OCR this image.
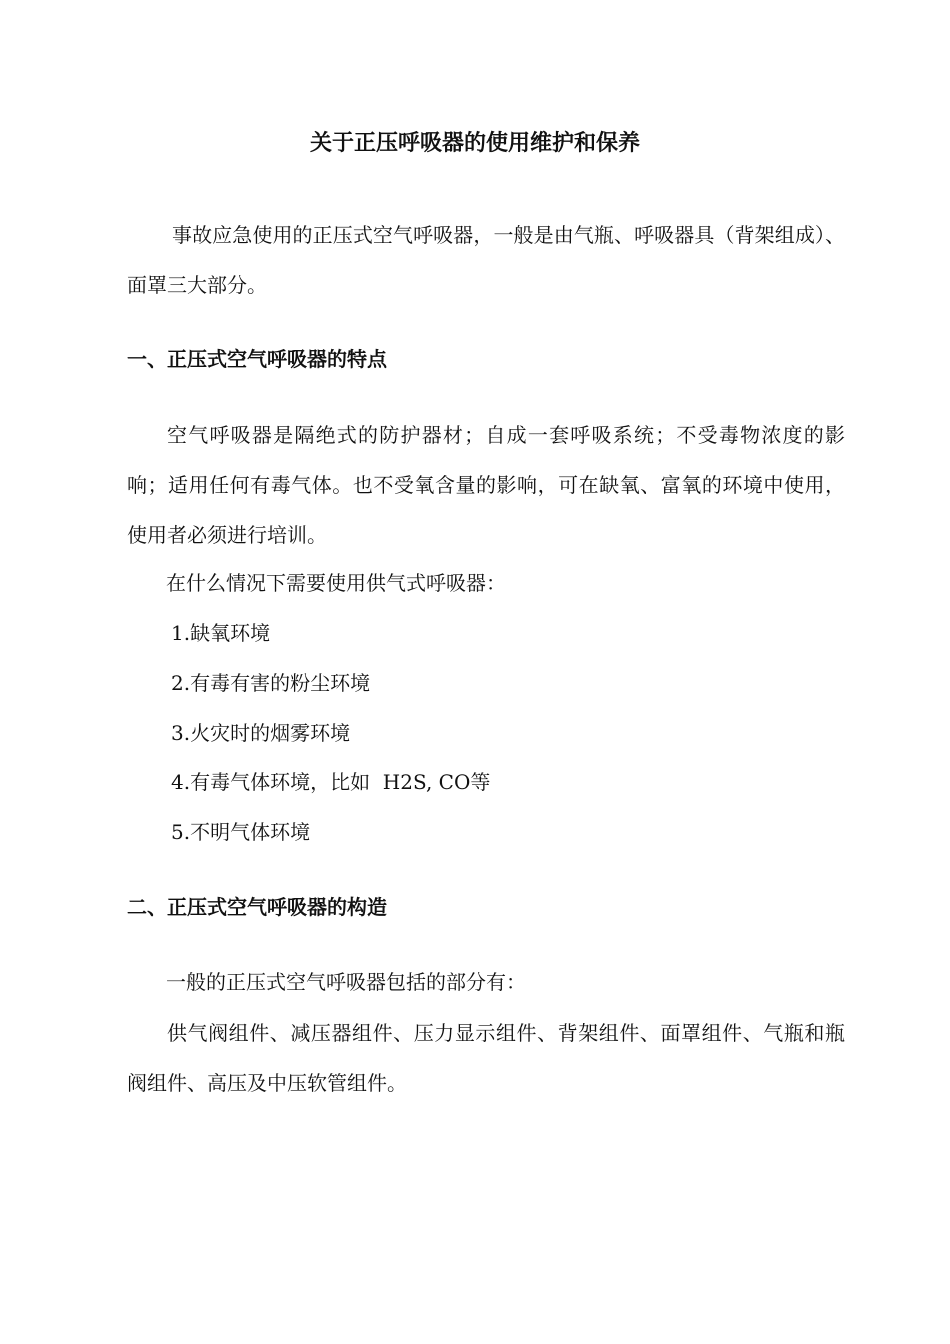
关于正压呼吸器的使用维护和保养
事故应急使用的正压式空气呼吸器，一般是由气瓶、呼吸器具（背架组成）、面罩三大部分。
一、正压式空气呼吸器的特点
空气呼吸器是隔绝式的防护器材；自成一套呼吸系统；不受毒物浓度的影响；适用任何有毒气体。也不受氧含量的影响，可在缺氧、富氧的环境中使用，使用者必须进行培训。
在什么情况下需要使用供气式呼吸器：
1.缺氧环境
2.有毒有害的粉尘环境
3.火灾时的烟雾环境
4.有毒气体环境，比如  H2S, CO等
5.不明气体环境
二、正压式空气呼吸器的构造
一般的正压式空气呼吸器包括的部分有：
供气阀组件、减压器组件、压力显示组件、背架组件、面罩组件、气瓶和瓶阀组件、高压及中压软管组件。
